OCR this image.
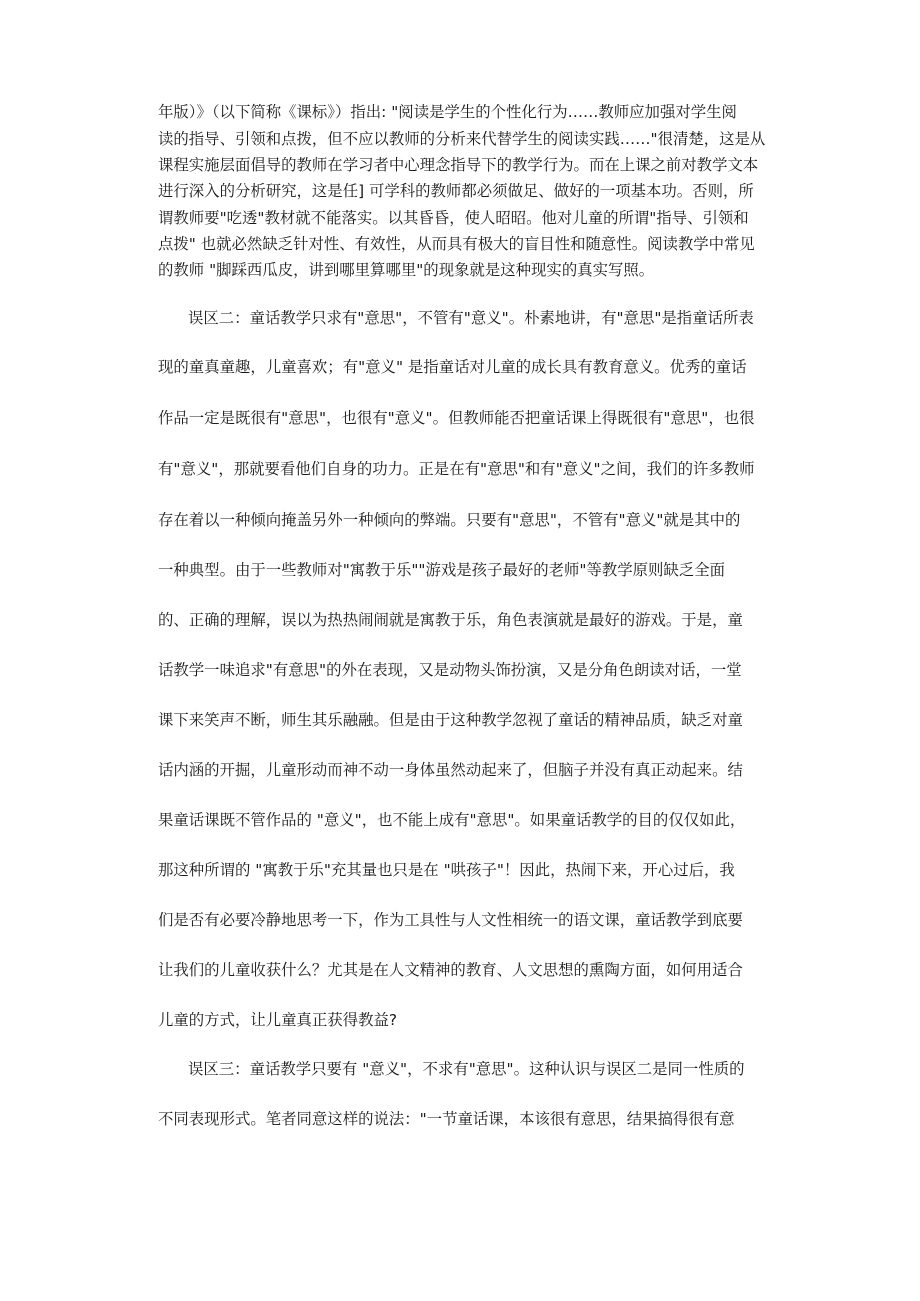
年版）》（以下简称《课标》）指出: "阅读是学生的个性化行为……教师应加强对学生阅
读的指导、引领和点拨，但不应以教师的分析来代替学生的阅读实践……"很清楚，这是从
课程实施层面倡导的教师在学习者中心理念指导下的教学行为。而在上课之前对教学文本
进行深入的分析研究，这是任] 可学科的教师都必须做足、做好的一项基本功。否则，所
谓教师要"吃透"教材就不能落实。以其昏昏，使人昭昭。他对儿童的所谓"指导、引领和
点拨" 也就必然缺乏针对性、有效性，从而具有极大的盲目性和随意性。阅读教学中常见
的教师 "脚踩西瓜皮，讲到哪里算哪里"的现象就是这种现实的真实写照。
误区二：童话教学只求有"意思"，不管有"意义"。朴素地讲，有"意思"是指童话所表
现的童真童趣，儿童喜欢；有"意义" 是指童话对儿童的成长具有教育意义。优秀的童话
作品一定是既很有"意思"，也很有"意义"。但教师能否把童话课上得既很有"意思"，也很
有"意义"，那就要看他们自身的功力。正是在有"意思"和有"意义"之间，我们的许多教师
存在着以一种倾向掩盖另外一种倾向的弊端。只要有"意思"，不管有"意义"就是其中的
一种典型。由于一些教师对"寓教于乐""游戏是孩子最好的老师"等教学原则缺乏全面
的、正确的理解，误以为热热闹闹就是寓教于乐，角色表演就是最好的游戏。于是，童
话教学一味追求"有意思"的外在表现，又是动物头饰扮演，又是分角色朗读对话，一堂
课下来笑声不断，师生其乐融融。但是由于这种教学忽视了童话的精神品质，缺乏对童
话内涵的开掘，儿童形动而神不动一身体虽然动起来了，但脑子并没有真正动起来。结
果童话课既不管作品的 "意义"，也不能上成有"意思"。如果童话教学的目的仅仅如此，
那这种所谓的 "寓教于乐"充其量也只是在 "哄孩子"！因此，热闹下来，开心过后，我
们是否有必要冷静地思考一下，作为工具性与人文性相统一的语文课，童话教学到底要
让我们的儿童收获什么？尤其是在人文精神的教育、人文思想的熏陶方面，如何用适合
儿童的方式，让儿童真正获得教益?
误区三：童话教学只要有 "意义"，不求有"意思"。这种认识与误区二是同一性质的
不同表现形式。笔者同意这样的说法："一节童话课，本该很有意思，结果搞得很有意
